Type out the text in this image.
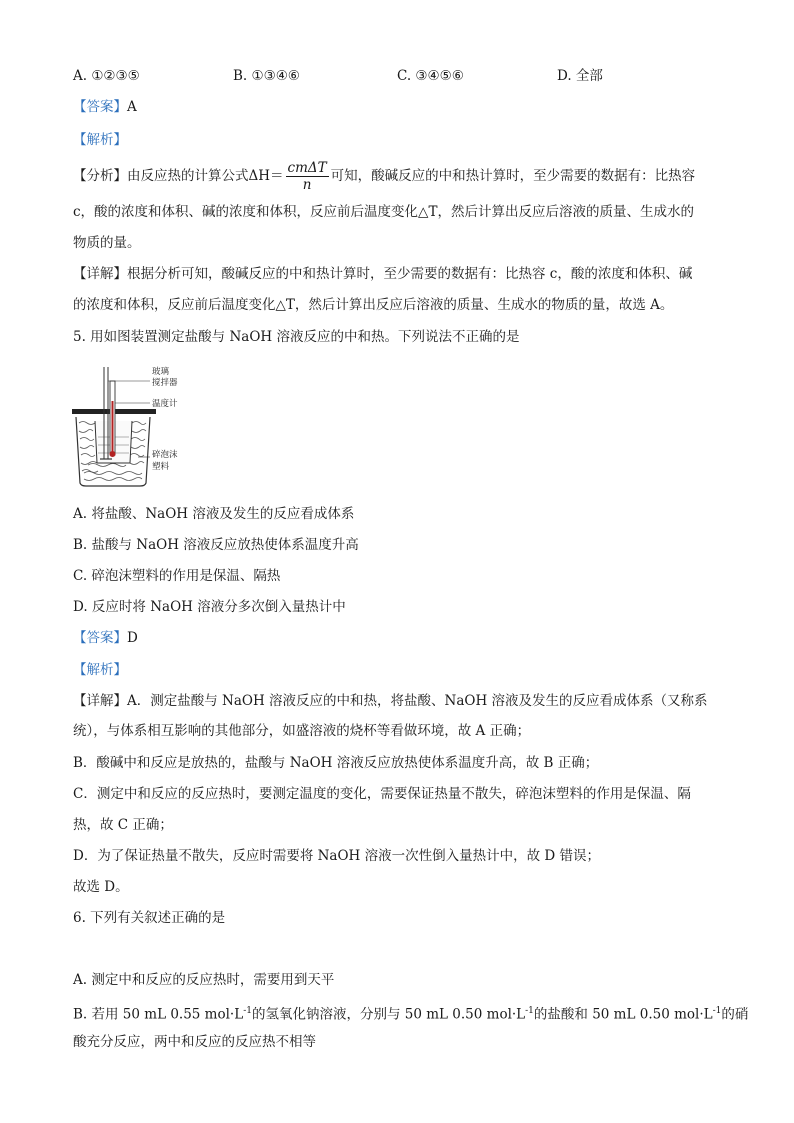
A. ①②③⑤	B. ①③④⑥	C. ③④⑤⑥	D. 全部
【答案】A
【解析】
【分析】由反应热的计算公式$\Delta H= \frac{\text{cmΔT}}{n}$ 可知，酸碱反应的中和热计算时，至少需要的数据有：比热容
c，酸的浓度和体积、碱的浓度和体积，反应前后温度变化△T，然后计算出反应后溶液的质量、生成水的
物质的量。
【详解】根据分析可知，酸碱反应的中和热计算时，至少需要的数据有：比热容 c，酸的浓度和体积、碱
的浓度和体积，反应前后温度变化△T，然后计算出反应后溶液的质量、生成水的物质的量，故选 A。
5. 用如图装置测定盐酸与 NaOH 溶液反应的中和热。下列说法不正确的是
玻璃
搅拌器
温度计
碎泡沫
塑料
A. 将盐酸、NaOH 溶液及发生的反应看成体系
B. 盐酸与 NaOH 溶液反应放热使体系温度升高
C. 碎泡沫塑料的作用是保温、隔热
D. 反应时将 NaOH 溶液分多次倒入量热计中
【答案】D
【解析】
【详解】A．测定盐酸与 NaOH 溶液反应的中和热，将盐酸、NaOH 溶液及发生的反应看成体系（又称系
统），与体系相互影响的其他部分，如盛溶液的烧杯等看做环境，故 A 正确；
B．酸碱中和反应是放热的，盐酸与 NaOH 溶液反应放热使体系温度升高，故 B 正确；
C．测定中和反应的反应热时，要测定温度的变化，需要保证热量不散失，碎泡沫塑料的作用是保温、隔
热，故 C 正确；
D．为了保证热量不散失，反应时需要将 NaOH 溶液一次性倒入量热计中，故 D 错误；
故选 D。
6. 下列有关叙述正确的是
A. 测定中和反应的反应热时，需要用到天平
B. 若用 50 mL 0.55 $mol\cdot L^{-1}$的氢氧化钠溶液，分别与 50 mL 0.50 $mol\cdot L^{-1}$的盐酸和 50 mL 0.50 $mol\cdot L^{-1}$的硝
酸充分反应，两中和反应的反应热不相等
